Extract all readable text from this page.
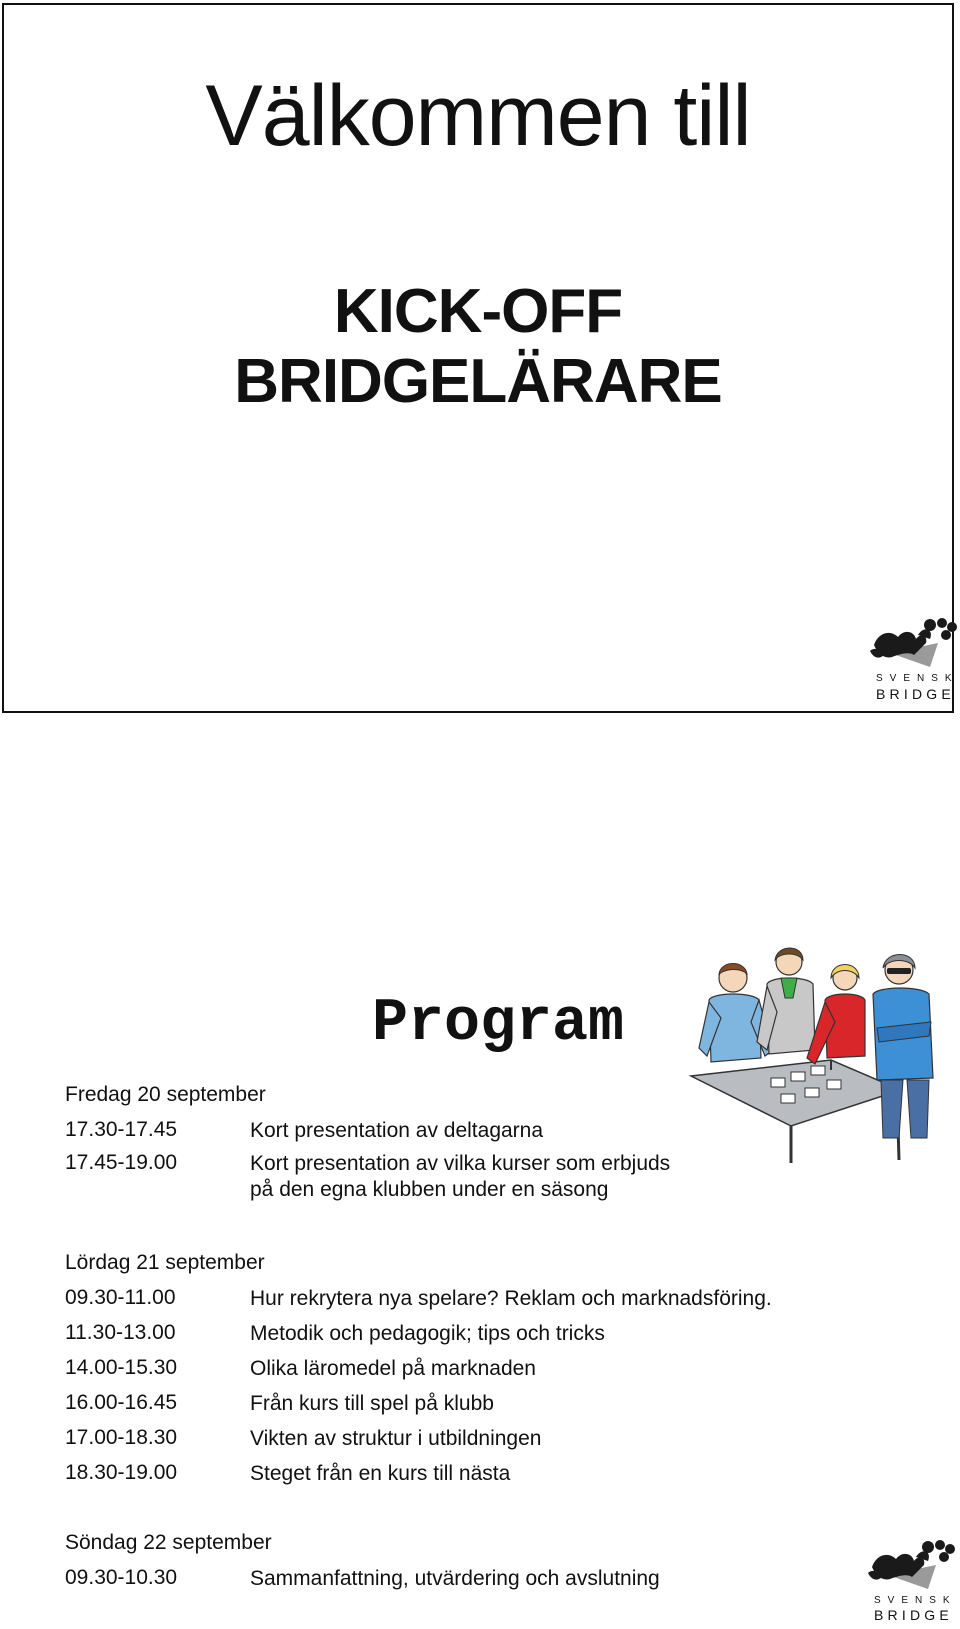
Välkommen till
KICK-OFF
BRIDGELÄRARE
SVENSK
BRIDGE
Program
Fredag 20 september
17.30-17.45	Kort presentation av deltagarna
17.45-19.00	Kort presentation av vilka kurser som erbjuds
på den egna klubben under en säsong
Lördag 21 september
09.30-11.00	Hur rekrytera nya spelare? Reklam och marknadsföring.
11.30-13.00	Metodik och pedagogik; tips och tricks
14.00-15.30	Olika läromedel på marknaden
16.00-16.45	Från kurs till spel på klubb
17.00-18.30	Vikten av struktur i utbildningen
18.30-19.00	Steget från en kurs till nästa
Söndag 22 september
09.30-10.30	Sammanfattning, utvärdering och avslutning
SVENSK
BRIDGE
